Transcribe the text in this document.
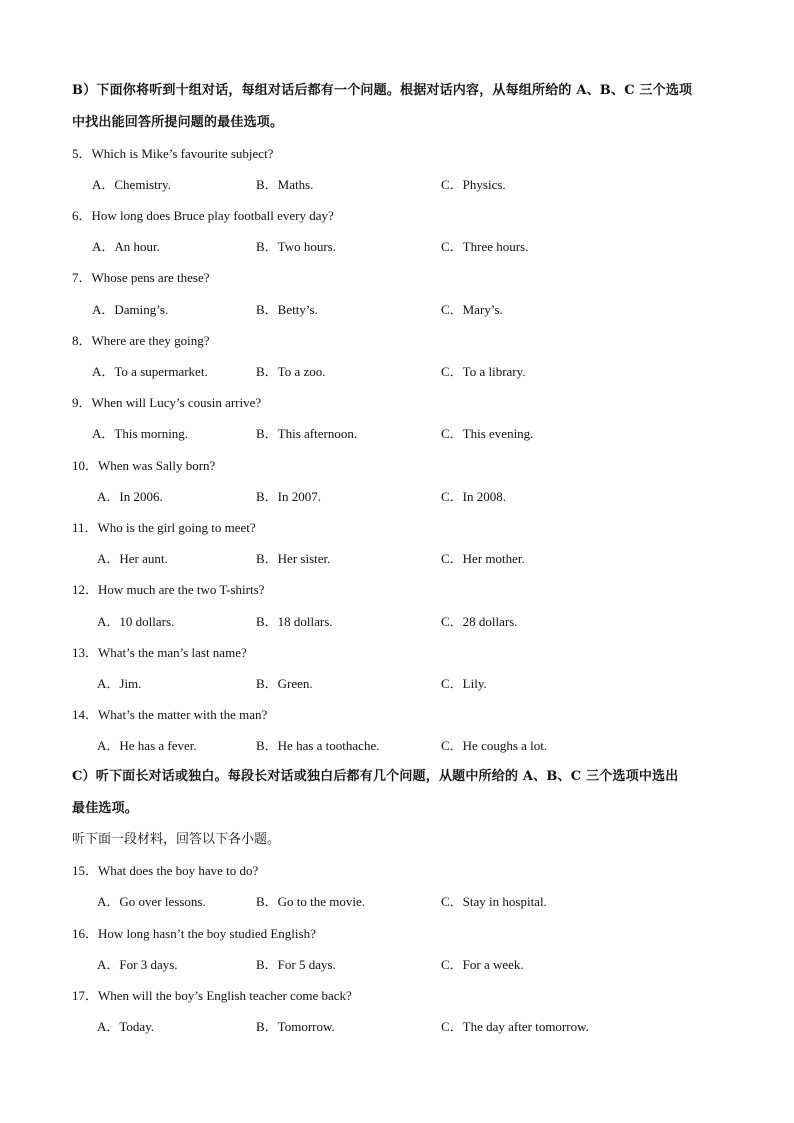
B）下面你将听到十组对话，每组对话后都有一个问题。根据对话内容，从每组所给的 A、B、C 三个选项
中找出能回答所提问题的最佳选项。
5．Which is Mike’s favourite subject?
A．Chemistry.	B．Maths.	C．Physics.
6．How long does Bruce play football every day?
A．An hour.	B．Two hours.	C．Three hours.
7．Whose pens are these?
A．Daming’s.	B．Betty’s.	C．Mary’s.
8．Where are they going?
A．To a supermarket.	B．To a zoo.	C．To a library.
9．When will Lucy’s cousin arrive?
A．This morning.	B．This afternoon.	C．This evening.
10．When was Sally born?
A．In 2006.	B．In 2007.	C．In 2008.
11．Who is the girl going to meet?
A．Her aunt.	B．Her sister.	C．Her mother.
12．How much are the two T-shirts?
A．10 dollars.	B．18 dollars.	C．28 dollars.
13．What’s the man’s last name?
A．Jim.	B．Green.	C．Lily.
14．What’s the matter with the man?
A．He has a fever.	B．He has a toothache.	C．He coughs a lot.
C）听下面长对话或独白。每段长对话或独白后都有几个问题，从题中所给的 A、B、C 三个选项中选出
最佳选项。
听下面一段材料，回答以下各小题。
15．What does the boy have to do?
A．Go over lessons.	B．Go to the movie.	C．Stay in hospital.
16．How long hasn’t the boy studied English?
A．For 3 days.	B．For 5 days.	C．For a week.
17．When will the boy’s English teacher come back?
A．Today.	B．Tomorrow.	C．The day after tomorrow.
